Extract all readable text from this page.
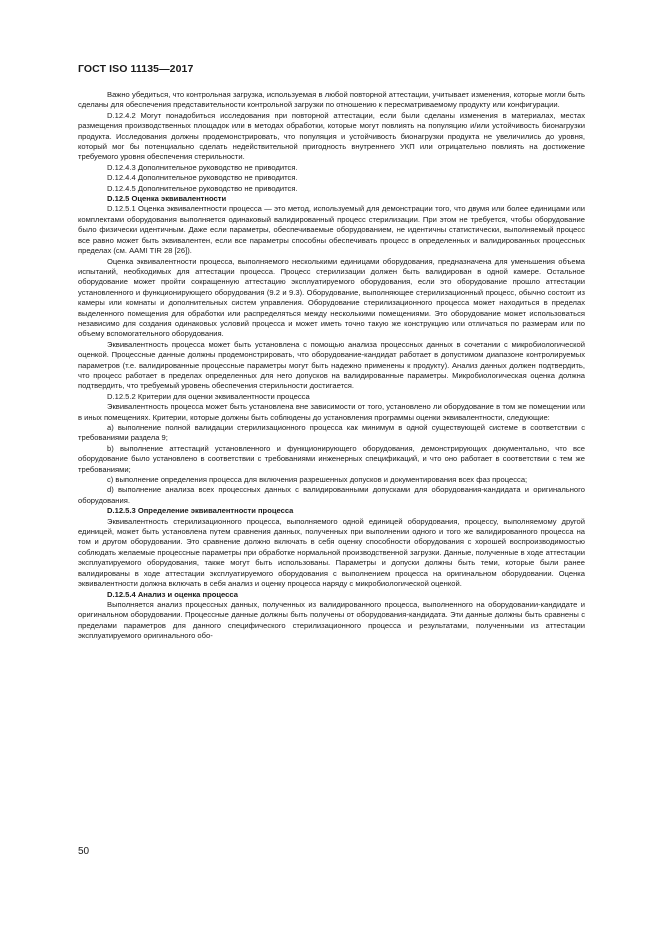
ГОСТ ISO 11135—2017

Важно убедиться, что контрольная загрузка, используемая в любой повторной аттестации, учитывает изменения, которые могли быть сделаны для обеспечения представительности контрольной загрузки по отношению к пересматриваемому продукту или конфигурации.

D.12.4.2 Могут понадобиться исследования при повторной аттестации, если были сделаны изменения в материалах, местах размещения производственных площадок или в методах обработки, которые могут повлиять на популяцию и/или устойчивость бионагрузки продукта. Исследования должны продемонстрировать, что популяция и устойчивость бионагрузки продукта не увеличились до уровня, который мог бы потенциально сделать недействительной пригодность внутреннего УКП или отрицательно повлиять на достижение требуемого уровня обеспечения стерильности.

D.12.4.3 Дополнительное руководство не приводится.

D.12.4.4 Дополнительное руководство не приводится.

D.12.4.5 Дополнительное руководство не приводится.

D.12.5 Оценка эквивалентности

D.12.5.1 Оценка эквивалентности процесса — это метод, используемый для демонстрации того, что двумя или более единицами или комплектами оборудования выполняется одинаковый валидированный процесс стерилизации. При этом не требуется, чтобы оборудование было физически идентичным. Даже если параметры, обеспечиваемые оборудованием, не идентичны статистически, выполняемый процесс все равно может быть эквивалентен, если все параметры способны обеспечивать процесс в определенных и валидированных процессных пределах (см. AAMI TIR 28 [26]).

Оценка эквивалентности процесса, выполняемого несколькими единицами оборудования, предназначена для уменьшения объема испытаний, необходимых для аттестации процесса. Процесс стерилизации должен быть валидирован в одной камере. Остальное оборудование может пройти сокращенную аттестацию эксплуатируемого оборудования, если это оборудование прошло аттестации установленного и функционирующего оборудования (9.2 и 9.3). Оборудование, выполняющее стерилизационный процесс, обычно состоит из камеры или комнаты и дополнительных систем управления. Оборудование стерилизационного процесса может находиться в пределах выделенного помещения для обработки или распределяться между несколькими помещениями. Это оборудование может использоваться независимо для создания одинаковых условий процесса и может иметь точно такую же конструкцию или отличаться по размерам или по объему вспомогательного оборудования.

Эквивалентность процесса может быть установлена с помощью анализа процессных данных в сочетании с микробиологической оценкой. Процессные данные должны продемонстрировать, что оборудование-кандидат работает в допустимом диапазоне контролируемых параметров (т.е. валидированные процессные параметры могут быть надежно применены к продукту). Анализ данных должен подтвердить, что процесс работает в пределах определенных для него допусков на валидированные параметры. Микробиологическая оценка должна подтвердить, что требуемый уровень обеспечения стерильности достигается.

D.12.5.2 Критерии для оценки эквивалентности процесса

Эквивалентность процесса может быть установлена вне зависимости от того, установлено ли оборудование в том же помещении или в иных помещениях. Критерии, которые должны быть соблюдены до установления программы оценки эквивалентности, следующие:

а) выполнение полной валидации стерилизационного процесса как минимум в одной существующей системе в соответствии с требованиями раздела 9;

b) выполнение аттестаций установленного и функционирующего оборудования, демонстрирующих документально, что все оборудование было установлено в соответствии с требованиями инженерных спецификаций, и что оно работает в соответствии с тем же требованиями;

с) выполнение определения процесса для включения разрешенных допусков и документирования всех фаз процесса;

d) выполнение анализа всех процессных данных с валидированными допусками для оборудования-кандидата и оригинального оборудования.

D.12.5.3 Определение эквивалентности процесса

Эквивалентность стерилизационного процесса, выполняемого одной единицей оборудования, процессу, выполняемому другой единицей, может быть установлена путем сравнения данных, полученных при выполнении одного и того же валидированного процесса на том и другом оборудовании. Это сравнение должно включать в себя оценку способности оборудования с хорошей воспроизводимостью соблюдать желаемые процессные параметры при обработке нормальной производственной загрузки. Данные, полученные в ходе аттестации эксплуатируемого оборудования, также могут быть использованы. Параметры и допуски должны быть теми, которые были ранее валидированы в ходе аттестации эксплуатируемого оборудования с выполнением процесса на оригинальном оборудовании. Оценка эквивалентности должна включать в себя анализ и оценку процесса наряду с микробиологической оценкой.

D.12.5.4 Анализ и оценка процесса

Выполняется анализ процессных данных, полученных из валидированного процесса, выполненного на оборудовании-кандидате и оригинальном оборудовании. Процессные данные должны быть получены от оборудования-кандидата. Эти данные должны быть сравнены с пределами параметров для данного специфического стерилизационного процесса и результатами, полученными из аттестации эксплуатируемого оригинального обо-

50
